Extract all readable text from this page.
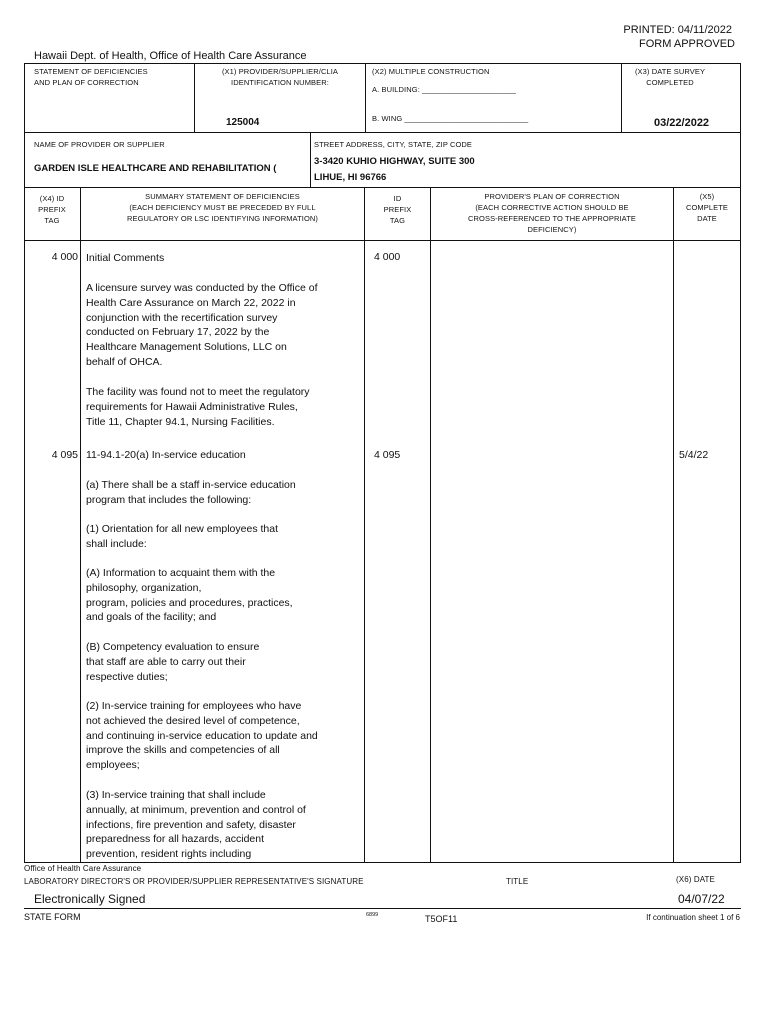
PRINTED: 04/11/2022
FORM APPROVED
Hawaii Dept. of Health, Office of Health Care Assurance
STATEMENT OF DEFICIENCIES
AND PLAN OF CORRECTION
(X1) PROVIDER/SUPPLIER/CLIA
IDENTIFICATION NUMBER:
125004
(X2) MULTIPLE CONSTRUCTION
A. BUILDING: ______________________
B. WING _____________________________
(X3) DATE SURVEY
COMPLETED
03/22/2022
NAME OF PROVIDER OR SUPPLIER
GARDEN ISLE HEALTHCARE AND REHABILITATION (
STREET ADDRESS, CITY, STATE, ZIP CODE
3-3420 KUHIO HIGHWAY, SUITE 300
LIHUE, HI 96766
(X4) ID
PREFIX
TAG
SUMMARY STATEMENT OF DEFICIENCIES
(EACH DEFICIENCY MUST BE PRECEDED BY FULL
REGULATORY OR LSC IDENTIFYING INFORMATION)
ID
PREFIX
TAG
PROVIDER'S PLAN OF CORRECTION
(EACH CORRECTIVE ACTION SHOULD BE
CROSS-REFERENCED TO THE APPROPRIATE
DEFICIENCY)
(X5)
COMPLETE
DATE
4 000	4 000
Initial Comments
A licensure survey was conducted by the Office of
Health Care Assurance on March 22, 2022 in
conjunction with the recertification survey
conducted on February 17, 2022 by the
Healthcare Management Solutions, LLC on
behalf of OHCA.
The facility was found not to meet the regulatory
requirements for Hawaii Administrative Rules,
Title 11, Chapter 94.1, Nursing Facilities.
4 095	4 095	5/4/22
11-94.1-20(a) In-service education
(a) There shall be a staff in-service education
program that includes the following:
(1) Orientation for all new employees that
shall include:
(A) Information to acquaint them with the
philosophy, organization,
program, policies and procedures, practices,
and goals of the facility; and
(B) Competency evaluation to ensure
that staff are able to carry out their
respective duties;
(2) In-service training for employees who have
not achieved the desired level of competence,
and continuing in-service education to update and
improve the skills and competencies of all
employees;
(3) In-service training that shall include
annually, at minimum, prevention and control of
infections, fire prevention and safety, disaster
preparedness for all hazards, accident
prevention, resident rights including
Office of Health Care Assurance
LABORATORY DIRECTOR'S OR PROVIDER/SUPPLIER REPRESENTATIVE'S SIGNATURE	TITLE	(X6) DATE
Electronically Signed	04/07/22
STATE FORM	6899	T5OF11	If continuation sheet 1 of 6
